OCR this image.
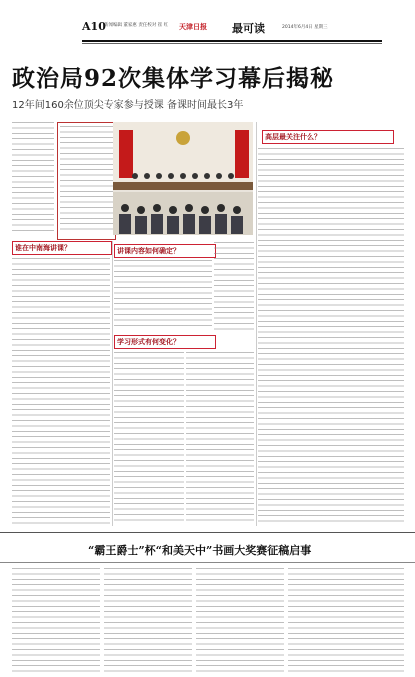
A10
新闻编辑 董家惠 责任校对 崔 红 天津日报 最可读	2014年6月4日 星期三
政治局92次集体学习幕后揭秘
12年间160余位顶尖专家参与授课 备课时间最长3年
谁在中南海讲课？	讲课内容如何确定？
学习形式有何变化？
高层最关注什么？
“霸王爵士”杯“和美天中”书画大奖赛征稿启事
